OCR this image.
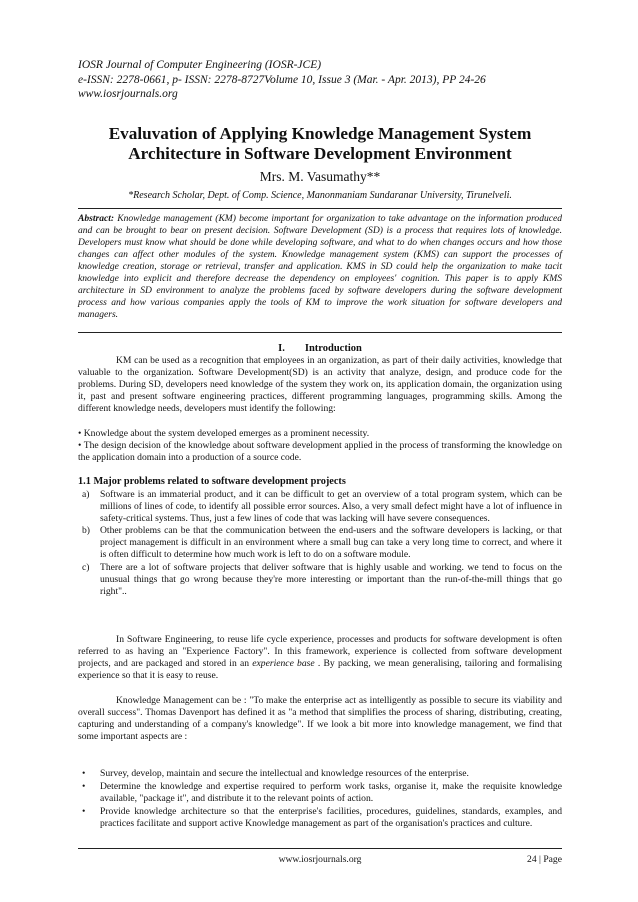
IOSR Journal of Computer Engineering (IOSR-JCE)
e-ISSN: 2278-0661, p- ISSN: 2278-8727Volume 10, Issue 3 (Mar. - Apr. 2013), PP 24-26
www.iosrjournals.org
Evaluvation of Applying Knowledge Management System
Architecture in Software Development Environment
Mrs. M. Vasumathy**
*Research Scholar, Dept. of Comp. Science, Manonmaniam Sundaranar University, Tirunelveli.
Abstract: Knowledge management (KM) become important for organization to take advantage on the information produced and can be brought to bear on present decision. Software Development (SD) is a process that requires lots of knowledge. Developers must know what should be done while developing software, and what to do when changes occurs and how those changes can affect other modules of the system. Knowledge management system (KMS) can support the processes of knowledge creation, storage or retrieval, transfer and application. KMS in SD could help the organization to make tacit knowledge into explicit and therefore decrease the dependency on employees' cognition. This paper is to apply KMS architecture in SD environment to analyze the problems faced by software developers during the software development process and how various companies apply the tools of KM to improve the work situation for software developers and managers.
I. Introduction
KM can be used as a recognition that employees in an organization, as part of their daily activities, knowledge that valuable to the organization. Software Development(SD) is an activity that analyze, design, and produce code for the problems. During SD, developers need knowledge of the system they work on, its application domain, the organization using it, past and present software engineering practices, different programming languages, programming skills. Among the different knowledge needs, developers must identify the following:
• Knowledge about the system developed emerges as a prominent necessity.
• The design decision of the knowledge about software development applied in the process of transforming the knowledge on the application domain into a production of a source code.
1.1 Major problems related to software development projects
a)	Software is an immaterial product, and it can be difficult to get an overview of a total program system, which can be millions of lines of code, to identify all possible error sources. Also, a very small defect might have a lot of influence in safety-critical systems. Thus, just a few lines of code that was lacking will have severe consequences.
b)	Other problems can be that the communication between the end-users and the software developers is lacking, or that project management is difficult in an environment where a small bug can take a very long time to correct, and where it is often difficult to determine how much work is left to do on a software module.
c)	There are a lot of software projects that deliver software that is highly usable and working. we tend to focus on the unusual things that go wrong because they're more interesting or important than the run-of-the-mill things that go right"..
In Software Engineering, to reuse life cycle experience, processes and products for software development is often referred to as having an "Experience Factory". In this framework, experience is collected from software development projects, and are packaged and stored in an experience base . By packing, we mean generalising, tailoring and formalising experience so that it is easy to reuse.
Knowledge Management can be : "To make the enterprise act as intelligently as possible to secure its viability and overall success". Thomas Davenport has defined it as "a method that simplifies the process of sharing, distributing, creating, capturing and understanding of a company's knowledge". If we look a bit more into knowledge management, we find that some important aspects are :
•	Survey, develop, maintain and secure the intellectual and knowledge resources of the enterprise.
•	Determine the knowledge and expertise required to perform work tasks, organise it, make the requisite knowledge available, "package it", and distribute it to the relevant points of action.
•	Provide knowledge architecture so that the enterprise's facilities, procedures, guidelines, standards, examples, and practices facilitate and support active Knowledge management as part of the organisation's practices and culture.
www.iosrjournals.org	24 | Page
